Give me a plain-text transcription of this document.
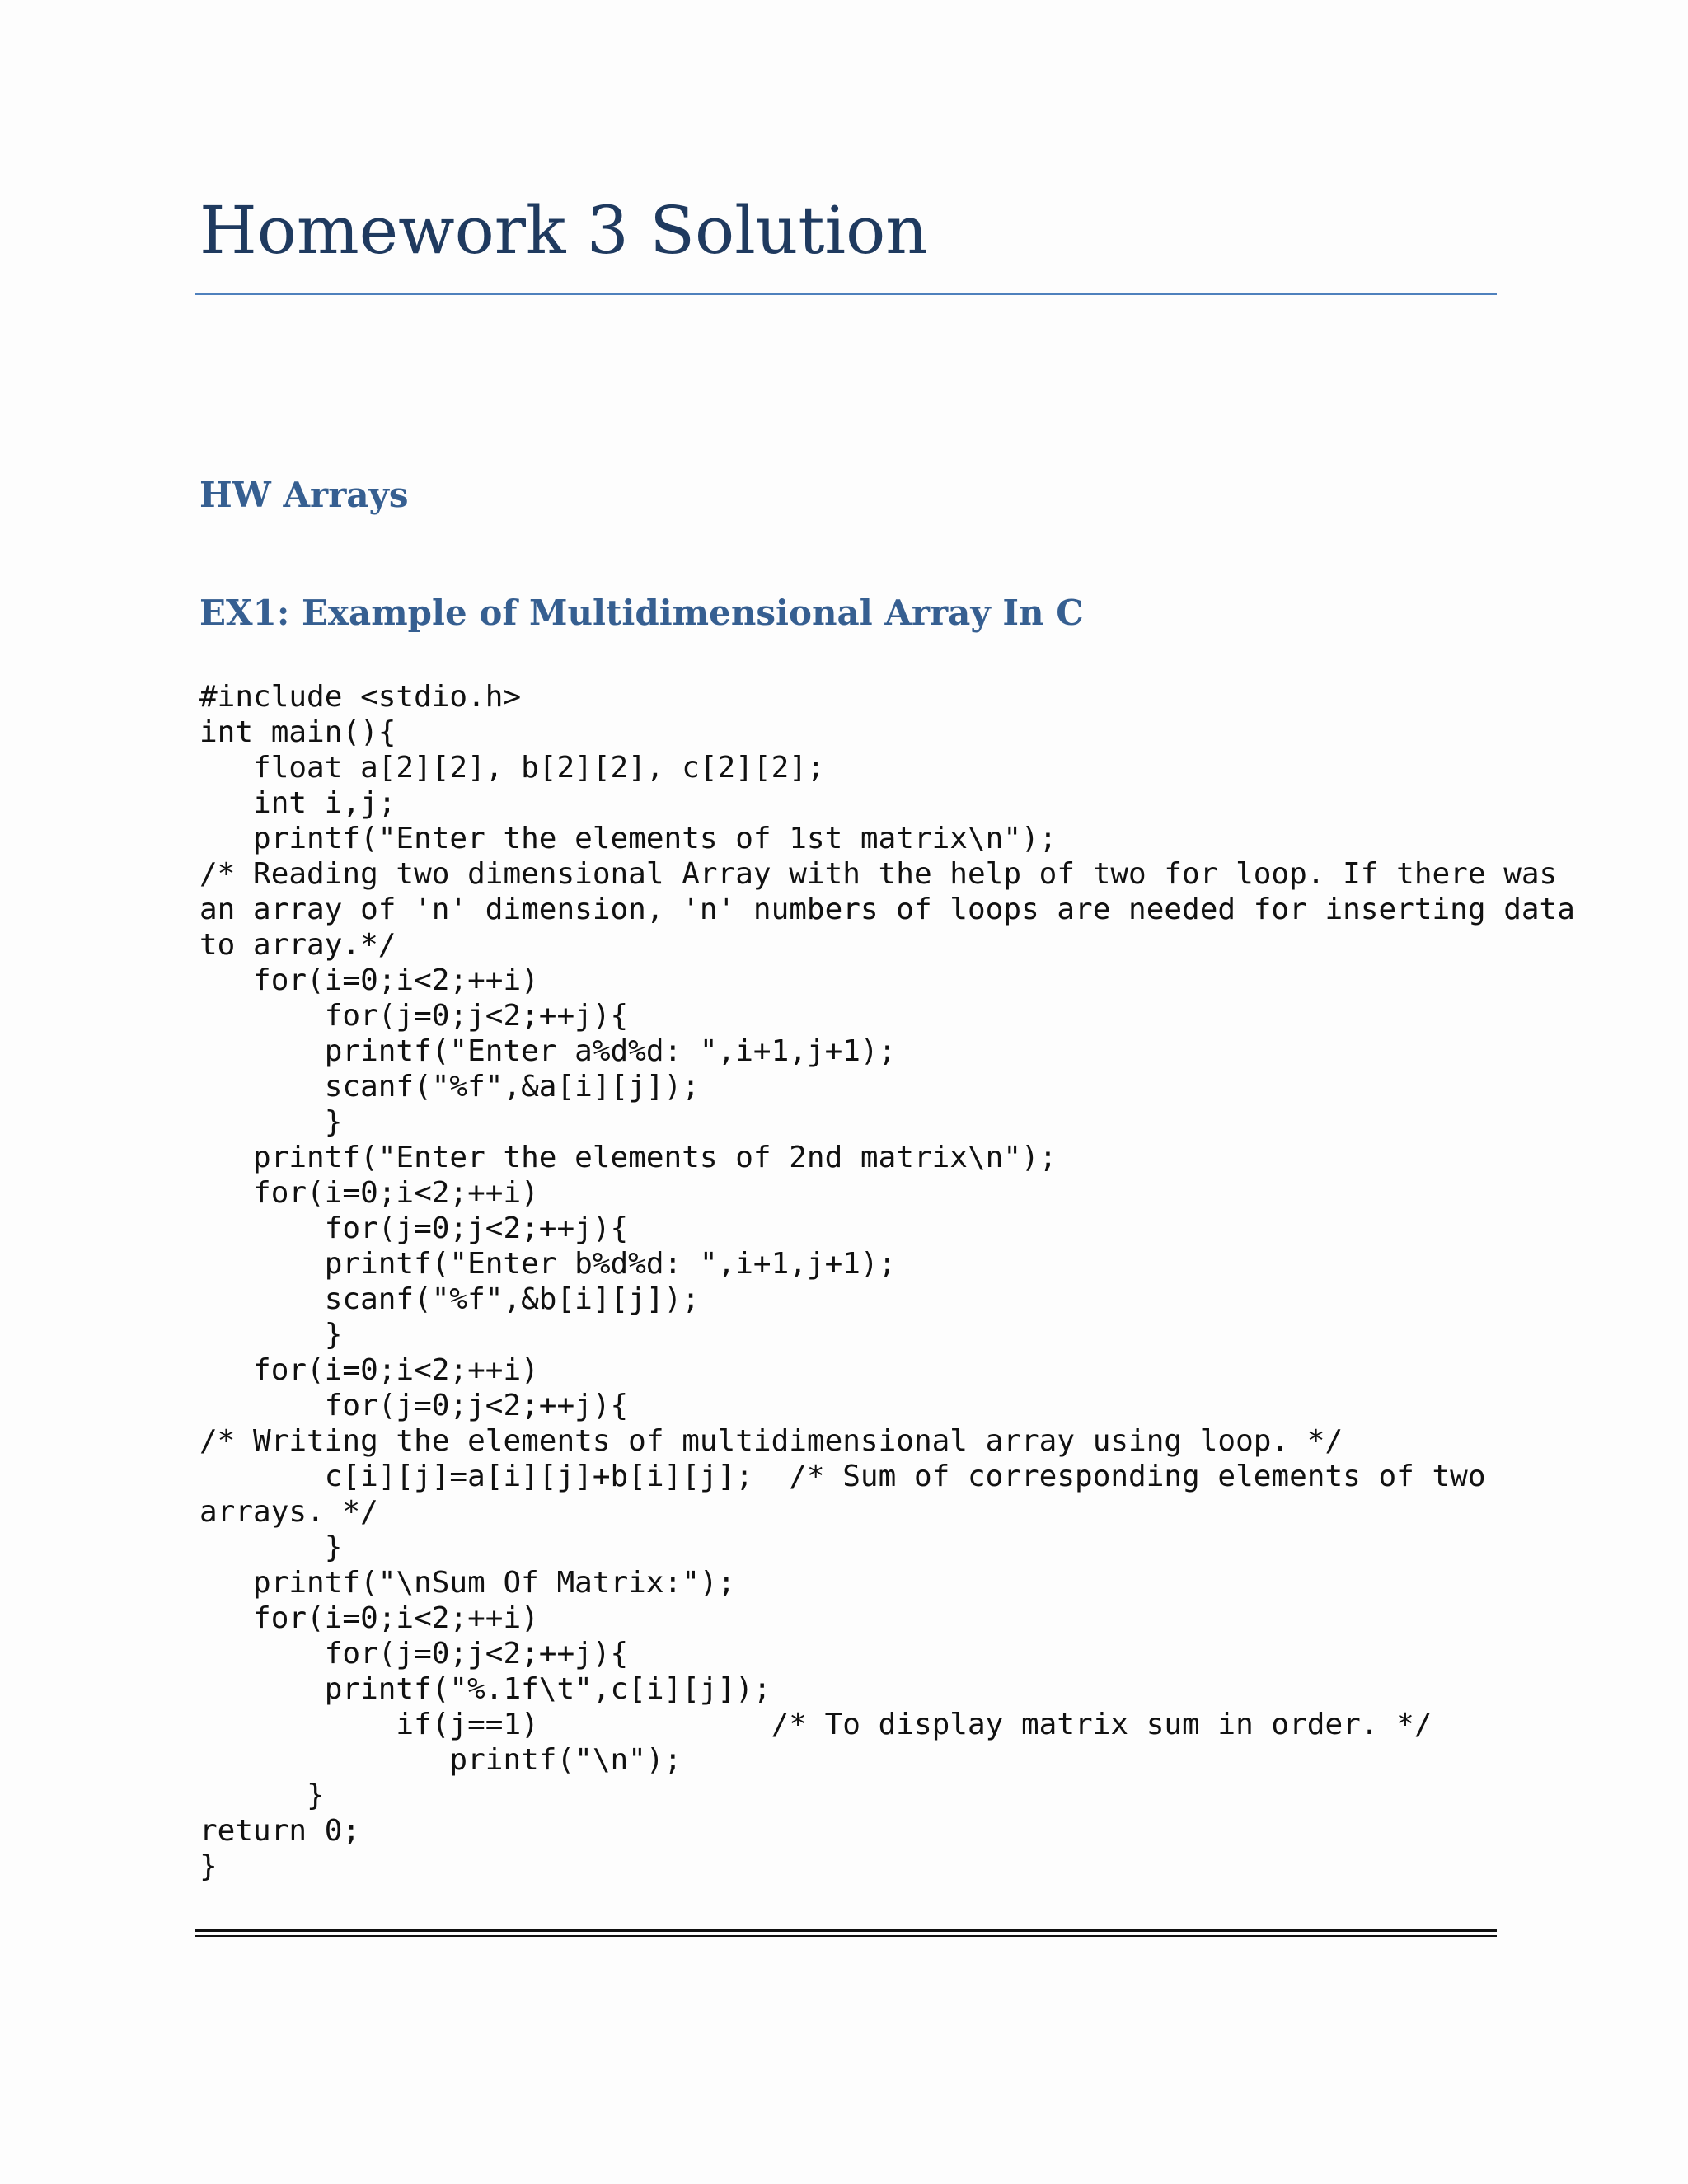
Homework 3 Solution
HW Arrays
EX1: Example of Multidimensional Array In C
#include <stdio.h>
int main(){
float a[2][2], b[2][2], c[2][2];
int i,j;
printf("Enter the elements of 1st matrix\n");
/* Reading two dimensional Array with the help of two for loop. If there was
an array of 'n' dimension, 'n' numbers of loops are needed for inserting data
to array.*/
for(i=0;i<2;++i)
for(j=0;j<2;++j){
printf("Enter a%d%d: ",i+1,j+1);
scanf("%f",&a[i][j]);
}
printf("Enter the elements of 2nd matrix\n");
for(i=0;i<2;++i)
for(j=0;j<2;++j){
printf("Enter b%d%d: ",i+1,j+1);
scanf("%f",&b[i][j]);
}
for(i=0;i<2;++i)
for(j=0;j<2;++j){
/* Writing the elements of multidimensional array using loop. */
c[i][j]=a[i][j]+b[i][j];  /* Sum of corresponding elements of two
arrays. */
}
printf("\nSum Of Matrix:");
for(i=0;i<2;++i)
for(j=0;j<2;++j){
printf("%.1f\t",c[i][j]);
if(j==1)             /* To display matrix sum in order. */
printf("\n");
}
return 0;
}
